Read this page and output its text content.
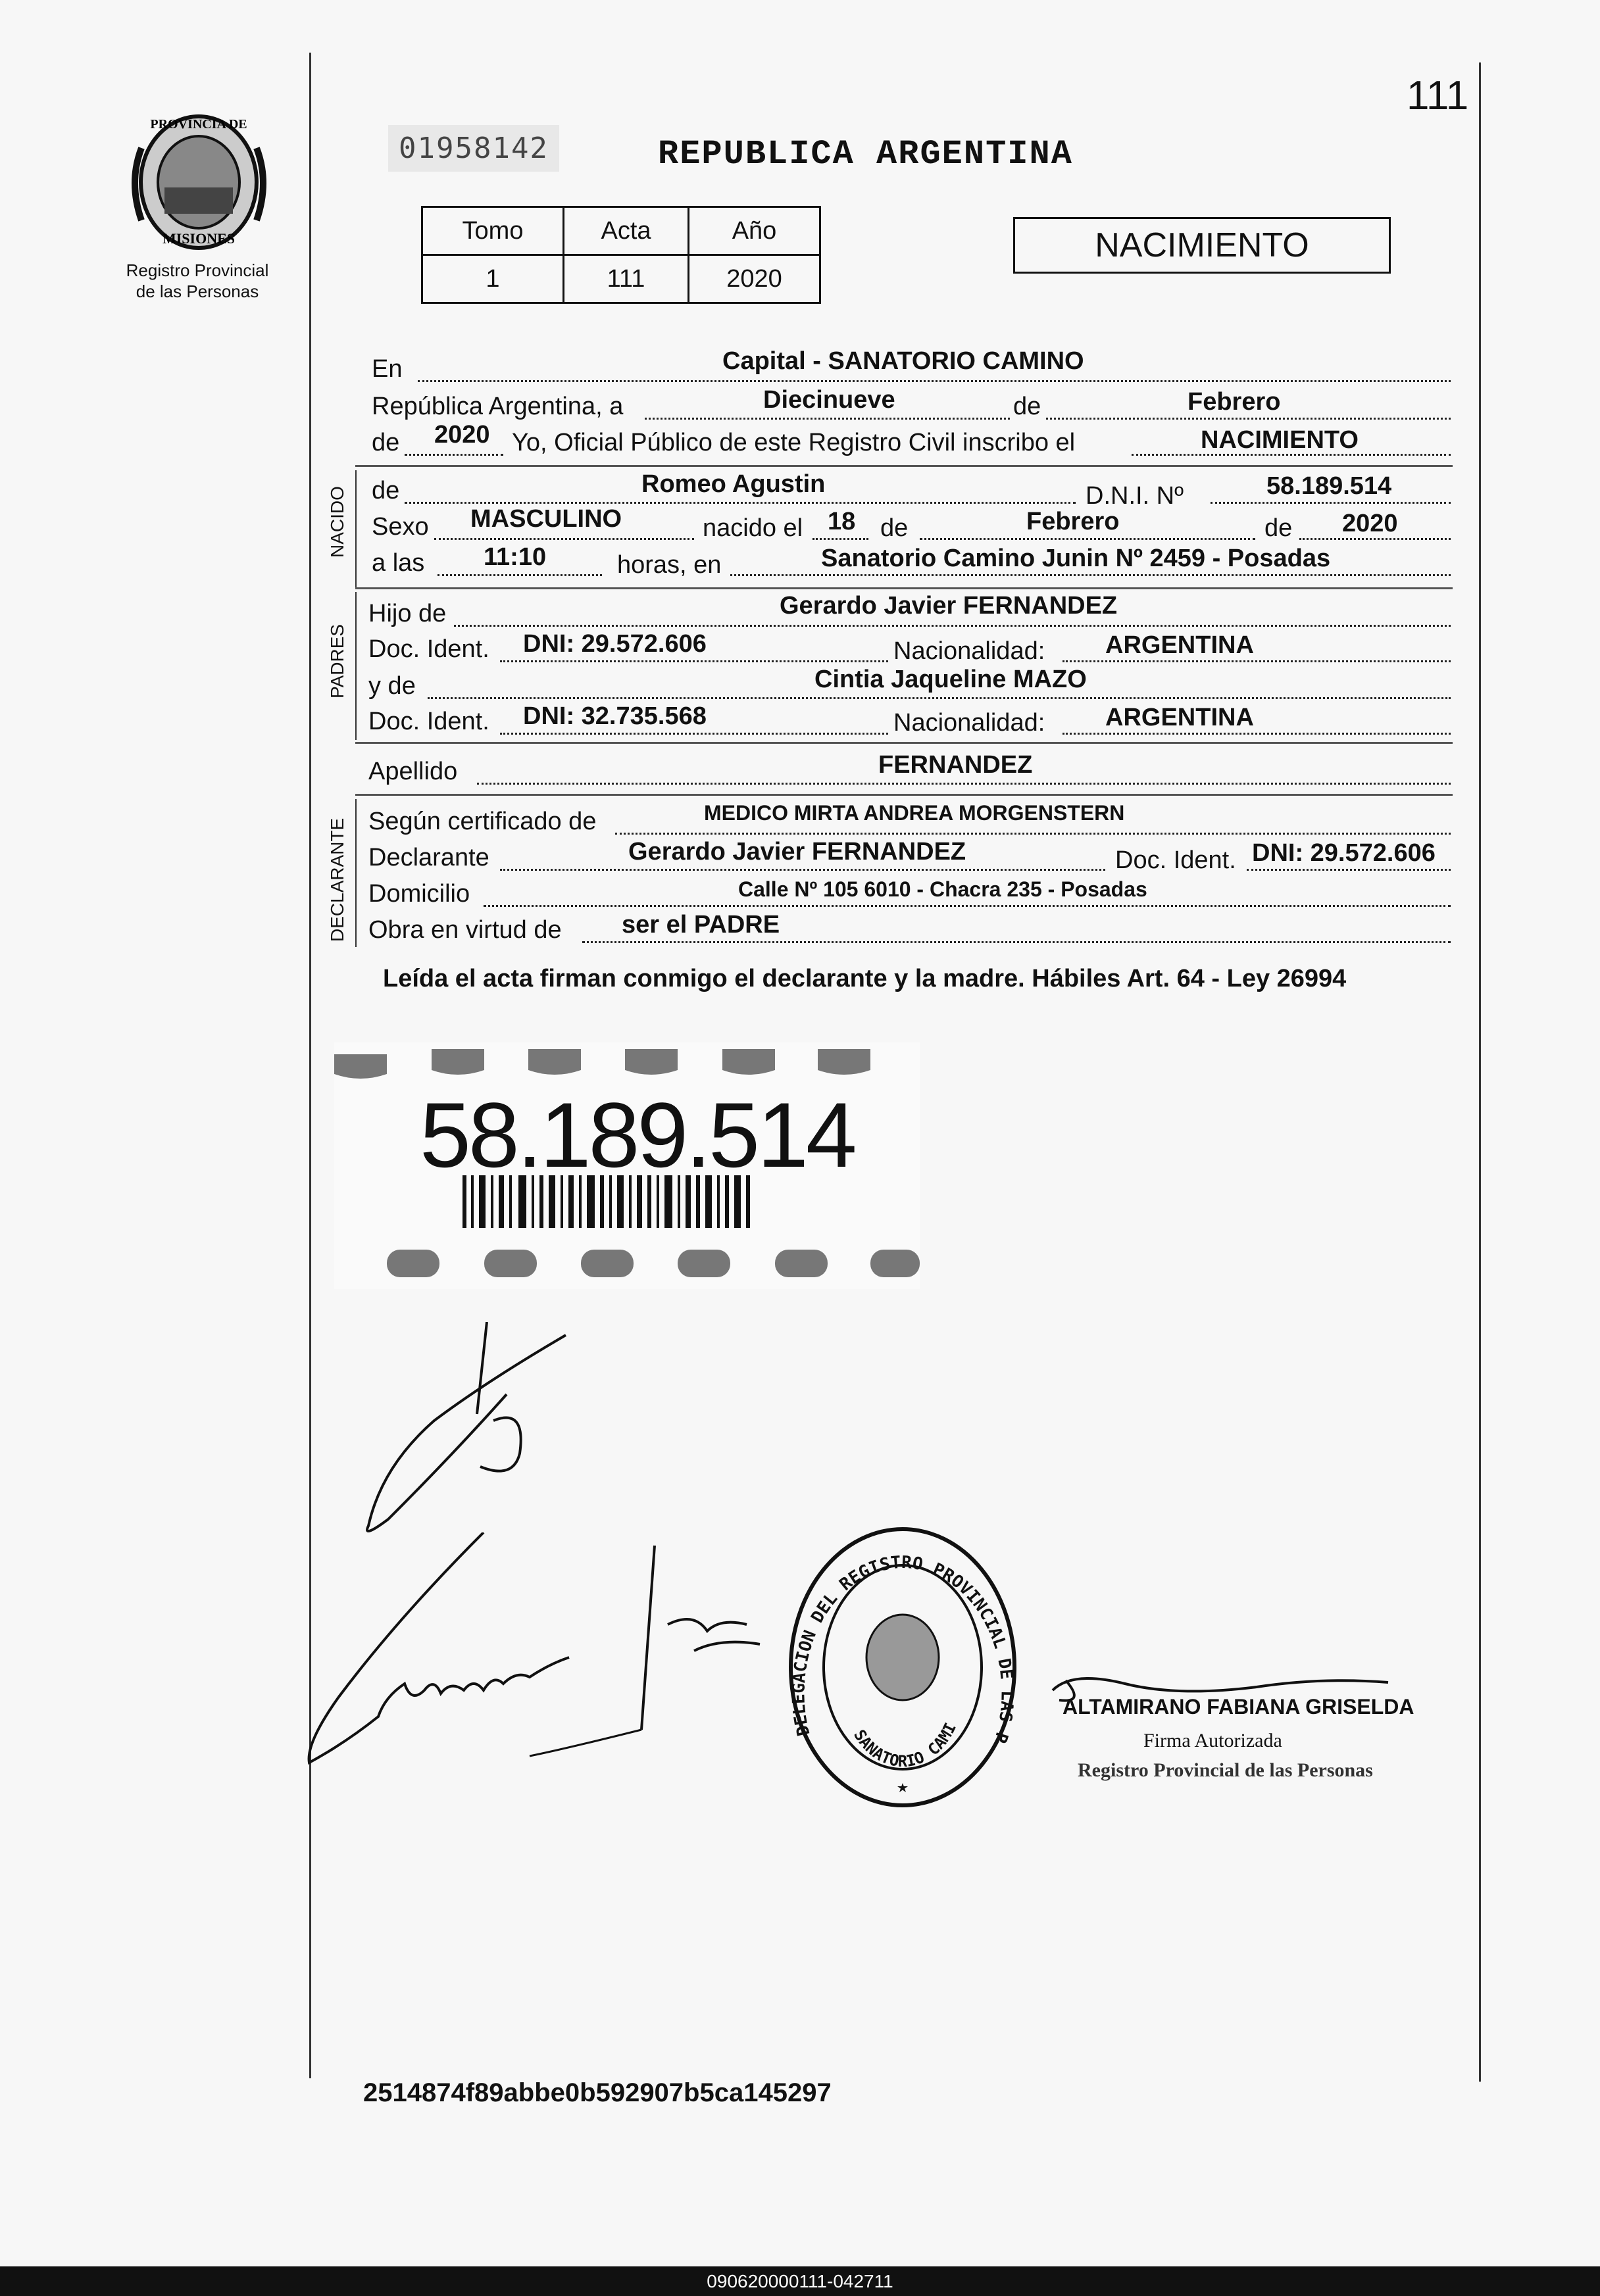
111
PROVINCIA DE
MISIONES
Registro Provincial
de las Personas
01958142	REPUBLICA ARGENTINA
Tomo	Acta	Año
1	111	2020
NACIMIENTO
En	Capital - SANATORIO CAMINO
República Argentina, a	Diecinueve	de	Febrero
de 2020 Yo, Oficial Público de este Registro Civil inscribo el	NACIMIENTO
NACIDO de	Romeo Agustin	D.N.I. Nº	58.189.514
Sexo MASCULINO	nacido el 18 de	Febrero	de 2020
a las 11:10	horas, en	Sanatorio Camino Junin Nº 2459 - Posadas
PADRES
Hijo de	Gerardo Javier FERNANDEZ
Doc. Ident. DNI: 29.572.606	Nacionalidad: ARGENTINA
y de	Cintia Jaqueline MAZO
Doc. Ident. DNI: 32.735.568	Nacionalidad: ARGENTINA
Apellido	FERNANDEZ
DECLARANTE Según certificado de	MEDICO MIRTA ANDREA MORGENSTERN
Declarante	Gerardo Javier FERNANDEZ	Doc. Ident. DNI: 29.572.606
Domicilio	Calle Nº 105 6010 - Chacra 235 - Posadas
Obra en virtud de ser el PADRE
Leída el acta firman conmigo el declarante y la madre. Hábiles Art. 64 - Ley 26994
58.189.514
DELEGACION DEL REGISTRO PROVINCIAL DE LAS P
SANATORIO CAMI
ALTAMIRANO FABIANA GRISELDA
Firma Autorizada
Registro Provincial de las Personas
2514874f89abbe0b592907b5ca145297
090620000111-042711
